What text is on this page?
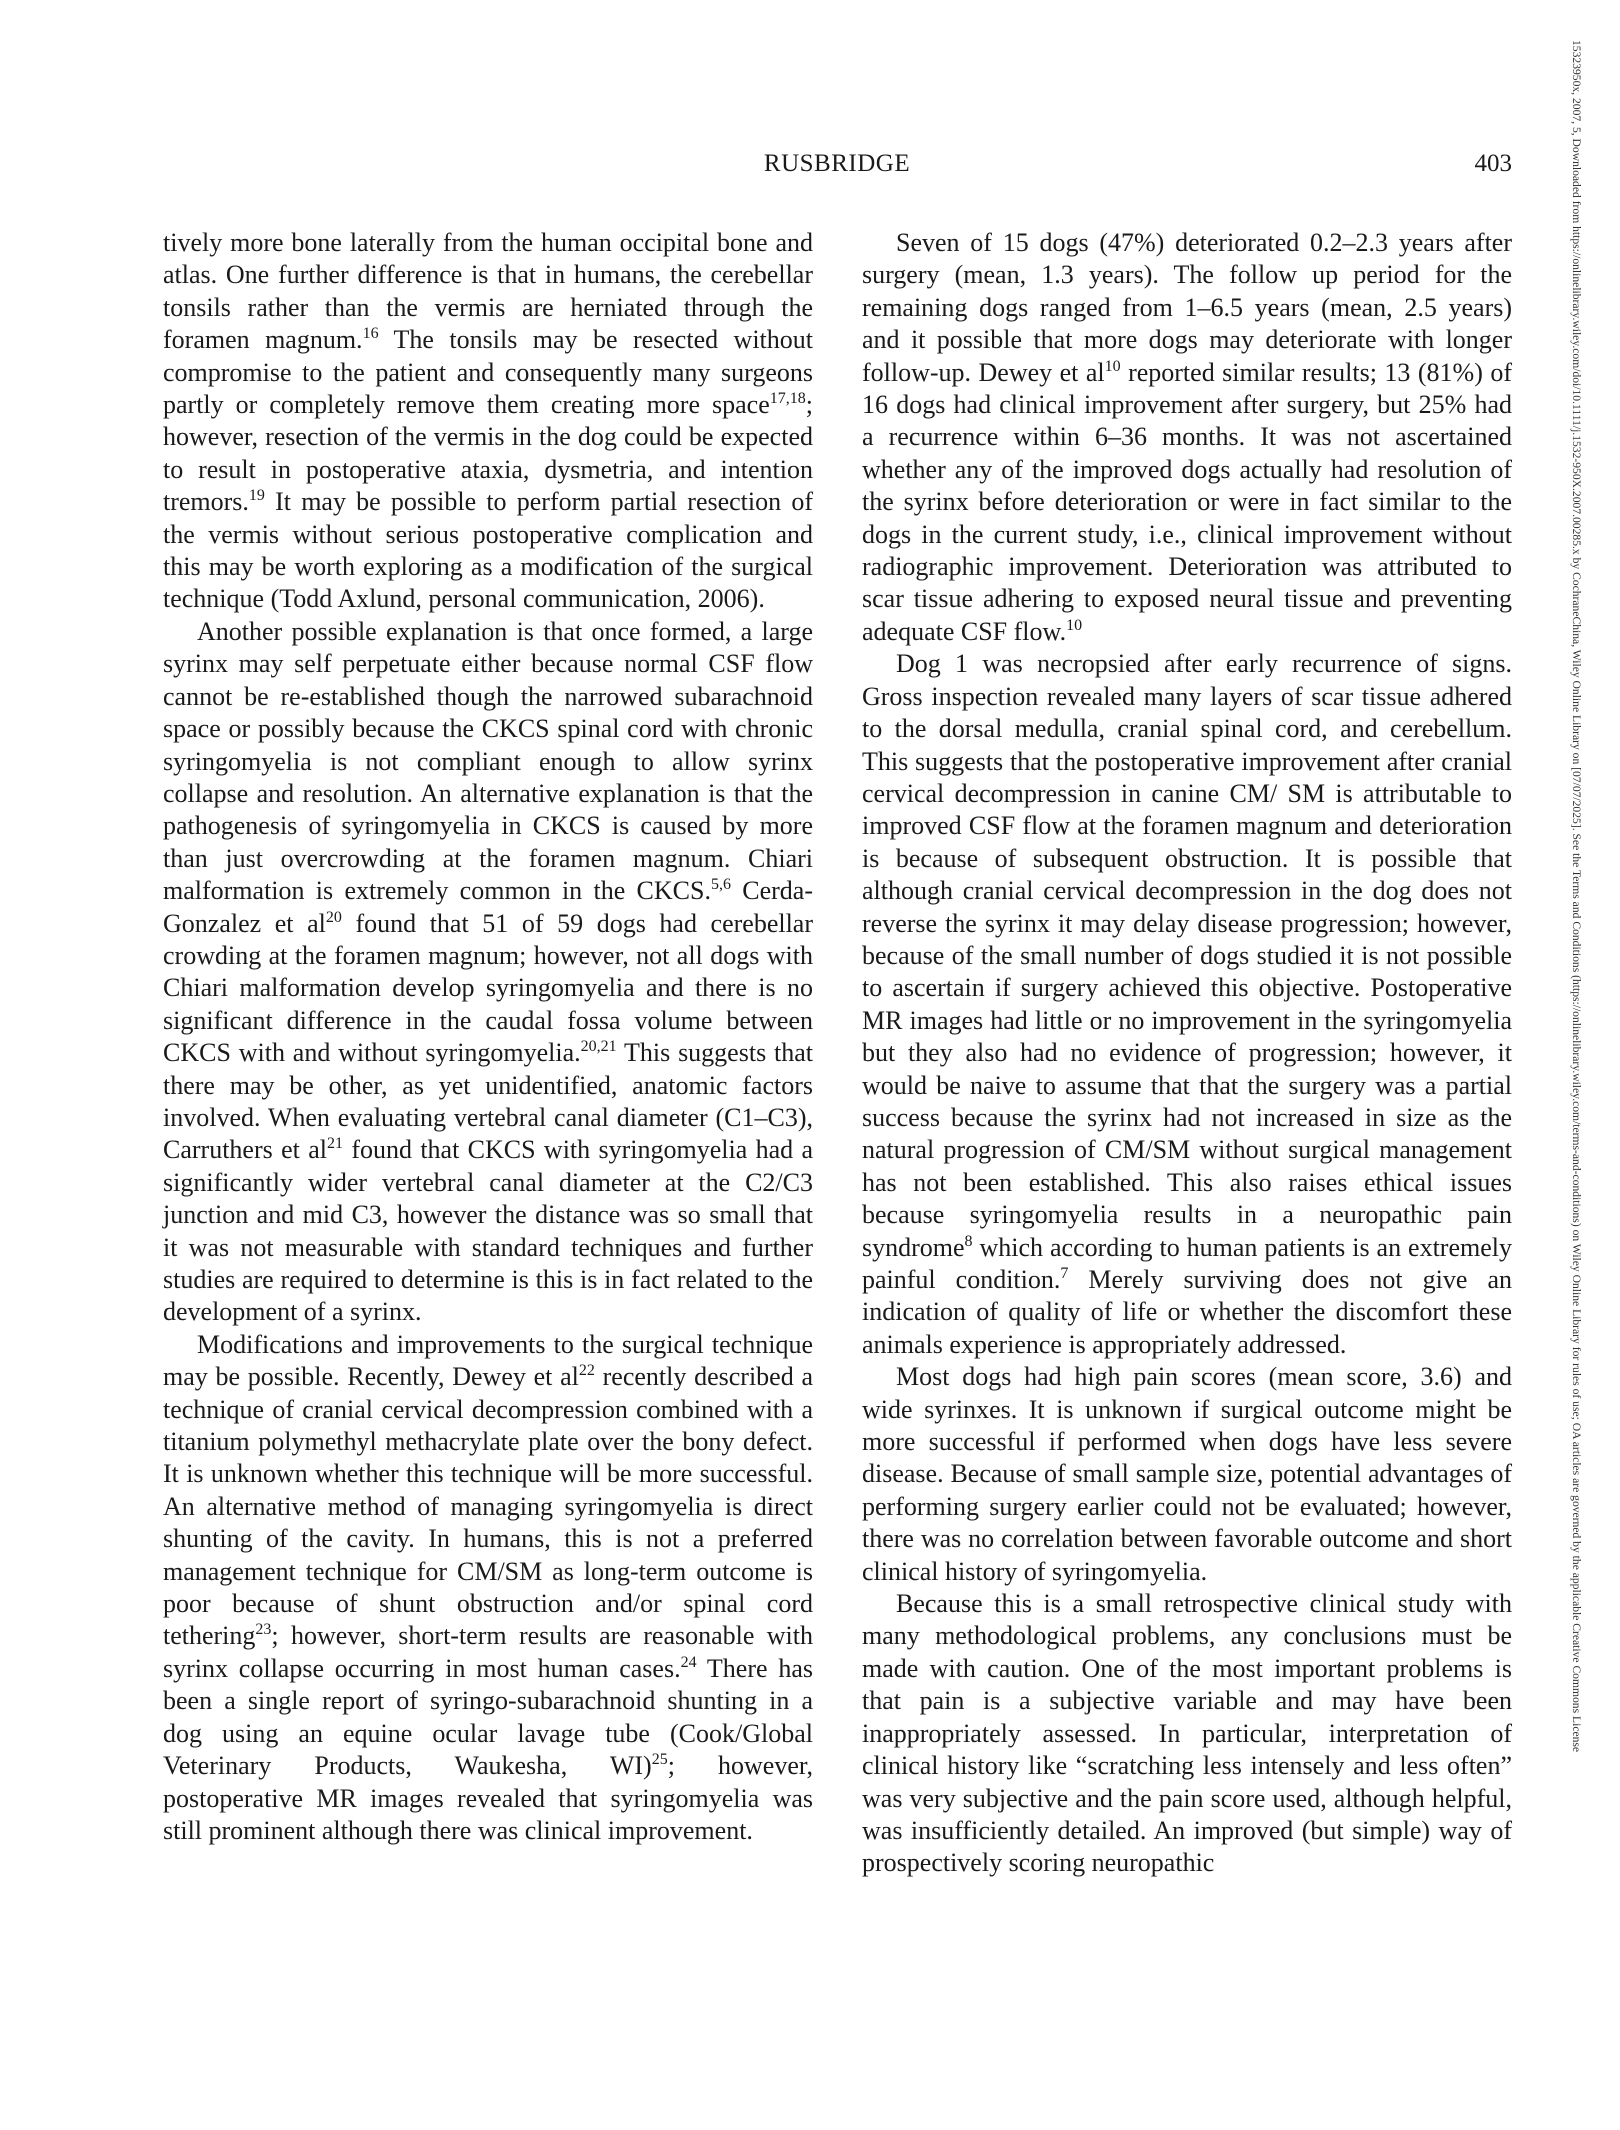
RUSBRIDGE	403

tively more bone laterally from the human occipital bone and atlas. One further difference is that in humans, the cerebellar tonsils rather than the vermis are herniated through the foramen magnum.$^{16}$ The tonsils may be resected without compromise to the patient and consequently many surgeons partly or completely remove them creating more space$^{17,18}$; however, resection of the vermis in the dog could be expected to result in postoperative ataxia, dysmetria, and intention tremors.$^{19}$ It may be possible to perform partial resection of the vermis without serious postoperative complication and this may be worth exploring as a modification of the surgical technique (Todd Axlund, personal communication, 2006).

Another possible explanation is that once formed, a large syrinx may self perpetuate either because normal CSF flow cannot be re-established though the narrowed subarachnoid space or possibly because the CKCS spinal cord with chronic syringomyelia is not compliant enough to allow syrinx collapse and resolution. An alternative explanation is that the pathogenesis of syringomyelia in CKCS is caused by more than just overcrowding at the foramen magnum. Chiari malformation is extremely common in the CKCS.$^{5,6}$ Cerda-Gonzalez et $al^{20}$ found that 51 of 59 dogs had cerebellar crowding at the foramen magnum; however, not all dogs with Chiari malformation develop syringomyelia and there is no significant difference in the caudal fossa volume between CKCS with and without syringomyelia.$^{20,21}$ This suggests that there may be other, as yet unidentified, anatomic factors involved. When evaluating vertebral canal diameter (C1–C3), Carruthers et $al^{21}$ found that CKCS with syringomyelia had a significantly wider vertebral canal diameter at the C2/C3 junction and mid C3, however the distance was so small that it was not measurable with standard techniques and further studies are required to determine is this is in fact related to the development of a syrinx.

Modifications and improvements to the surgical technique may be possible. Recently, Dewey et $al^{22}$ recently described a technique of cranial cervical decompression combined with a titanium polymethyl methacrylate plate over the bony defect. It is unknown whether this technique will be more successful. An alternative method of managing syringomyelia is direct shunting of the cavity. In humans, this is not a preferred management technique for CM/SM as long-term outcome is poor because of shunt obstruction and/or spinal cord tethering$^{23}$; however, short-term results are reasonable with syrinx collapse occurring in most human cases.$^{24}$ There has been a single report of syringo-subarachnoid shunting in a dog using an equine ocular lavage tube (Cook/Global Veterinary Products, Waukesha, WI)$^{25}$; however, postoperative MR images revealed that syringomyelia was still prominent although there was clinical improvement.

Seven of 15 dogs (47%) deteriorated 0.2–2.3 years after surgery (mean, 1.3 years). The follow up period for the remaining dogs ranged from 1–6.5 years (mean, 2.5 years) and it possible that more dogs may deteriorate with longer follow-up. Dewey et $al^{10}$ reported similar results; 13 (81%) of 16 dogs had clinical improvement after surgery, but 25% had a recurrence within 6–36 months. It was not ascertained whether any of the improved dogs actually had resolution of the syrinx before deterioration or were in fact similar to the dogs in the current study, i.e., clinical improvement without radiographic improvement. Deterioration was attributed to scar tissue adhering to exposed neural tissue and preventing adequate CSF flow.$^{10}$

Dog 1 was necropsied after early recurrence of signs. Gross inspection revealed many layers of scar tissue adhered to the dorsal medulla, cranial spinal cord, and cerebellum. This suggests that the postoperative improvement after cranial cervical decompression in canine CM/ SM is attributable to improved CSF flow at the foramen magnum and deterioration is because of subsequent obstruction. It is possible that although cranial cervical decompression in the dog does not reverse the syrinx it may delay disease progression; however, because of the small number of dogs studied it is not possible to ascertain if surgery achieved this objective. Postoperative MR images had little or no improvement in the syringomyelia but they also had no evidence of progression; however, it would be naive to assume that that the surgery was a partial success because the syrinx had not increased in size as the natural progression of CM/SM without surgical management has not been established. This also raises ethical issues because syringomyelia results in a neuropathic pain syndrome$^8$ which according to human patients is an extremely painful condition.$^7$ Merely surviving does not give an indication of quality of life or whether the discomfort these animals experience is appropriately addressed.

Most dogs had high pain scores (mean score, 3.6) and wide syrinxes. It is unknown if surgical outcome might be more successful if performed when dogs have less severe disease. Because of small sample size, potential advantages of performing surgery earlier could not be evaluated; however, there was no correlation between favorable outcome and short clinical history of syringomyelia.

Because this is a small retrospective clinical study with many methodological problems, any conclusions must be made with caution. One of the most important problems is that pain is a subjective variable and may have been inappropriately assessed. In particular, interpretation of clinical history like “scratching less intensely and less often” was very subjective and the pain score used, although helpful, was insufficiently detailed. An improved (but simple) way of prospectively scoring neuropathic

15323950x, 2007, 5, Downloaded from https://onlinelibrary.wiley.com/doi/10.1111/j.1532-950X.2007.00285.x by CochraneChina, Wiley Online Library on [07/07/2025]. See the Terms and Conditions (https://onlinelibrary.wiley.com/terms-and-conditions) on Wiley Online Library for rules of use; OA articles are governed by the applicable Creative Commons License
